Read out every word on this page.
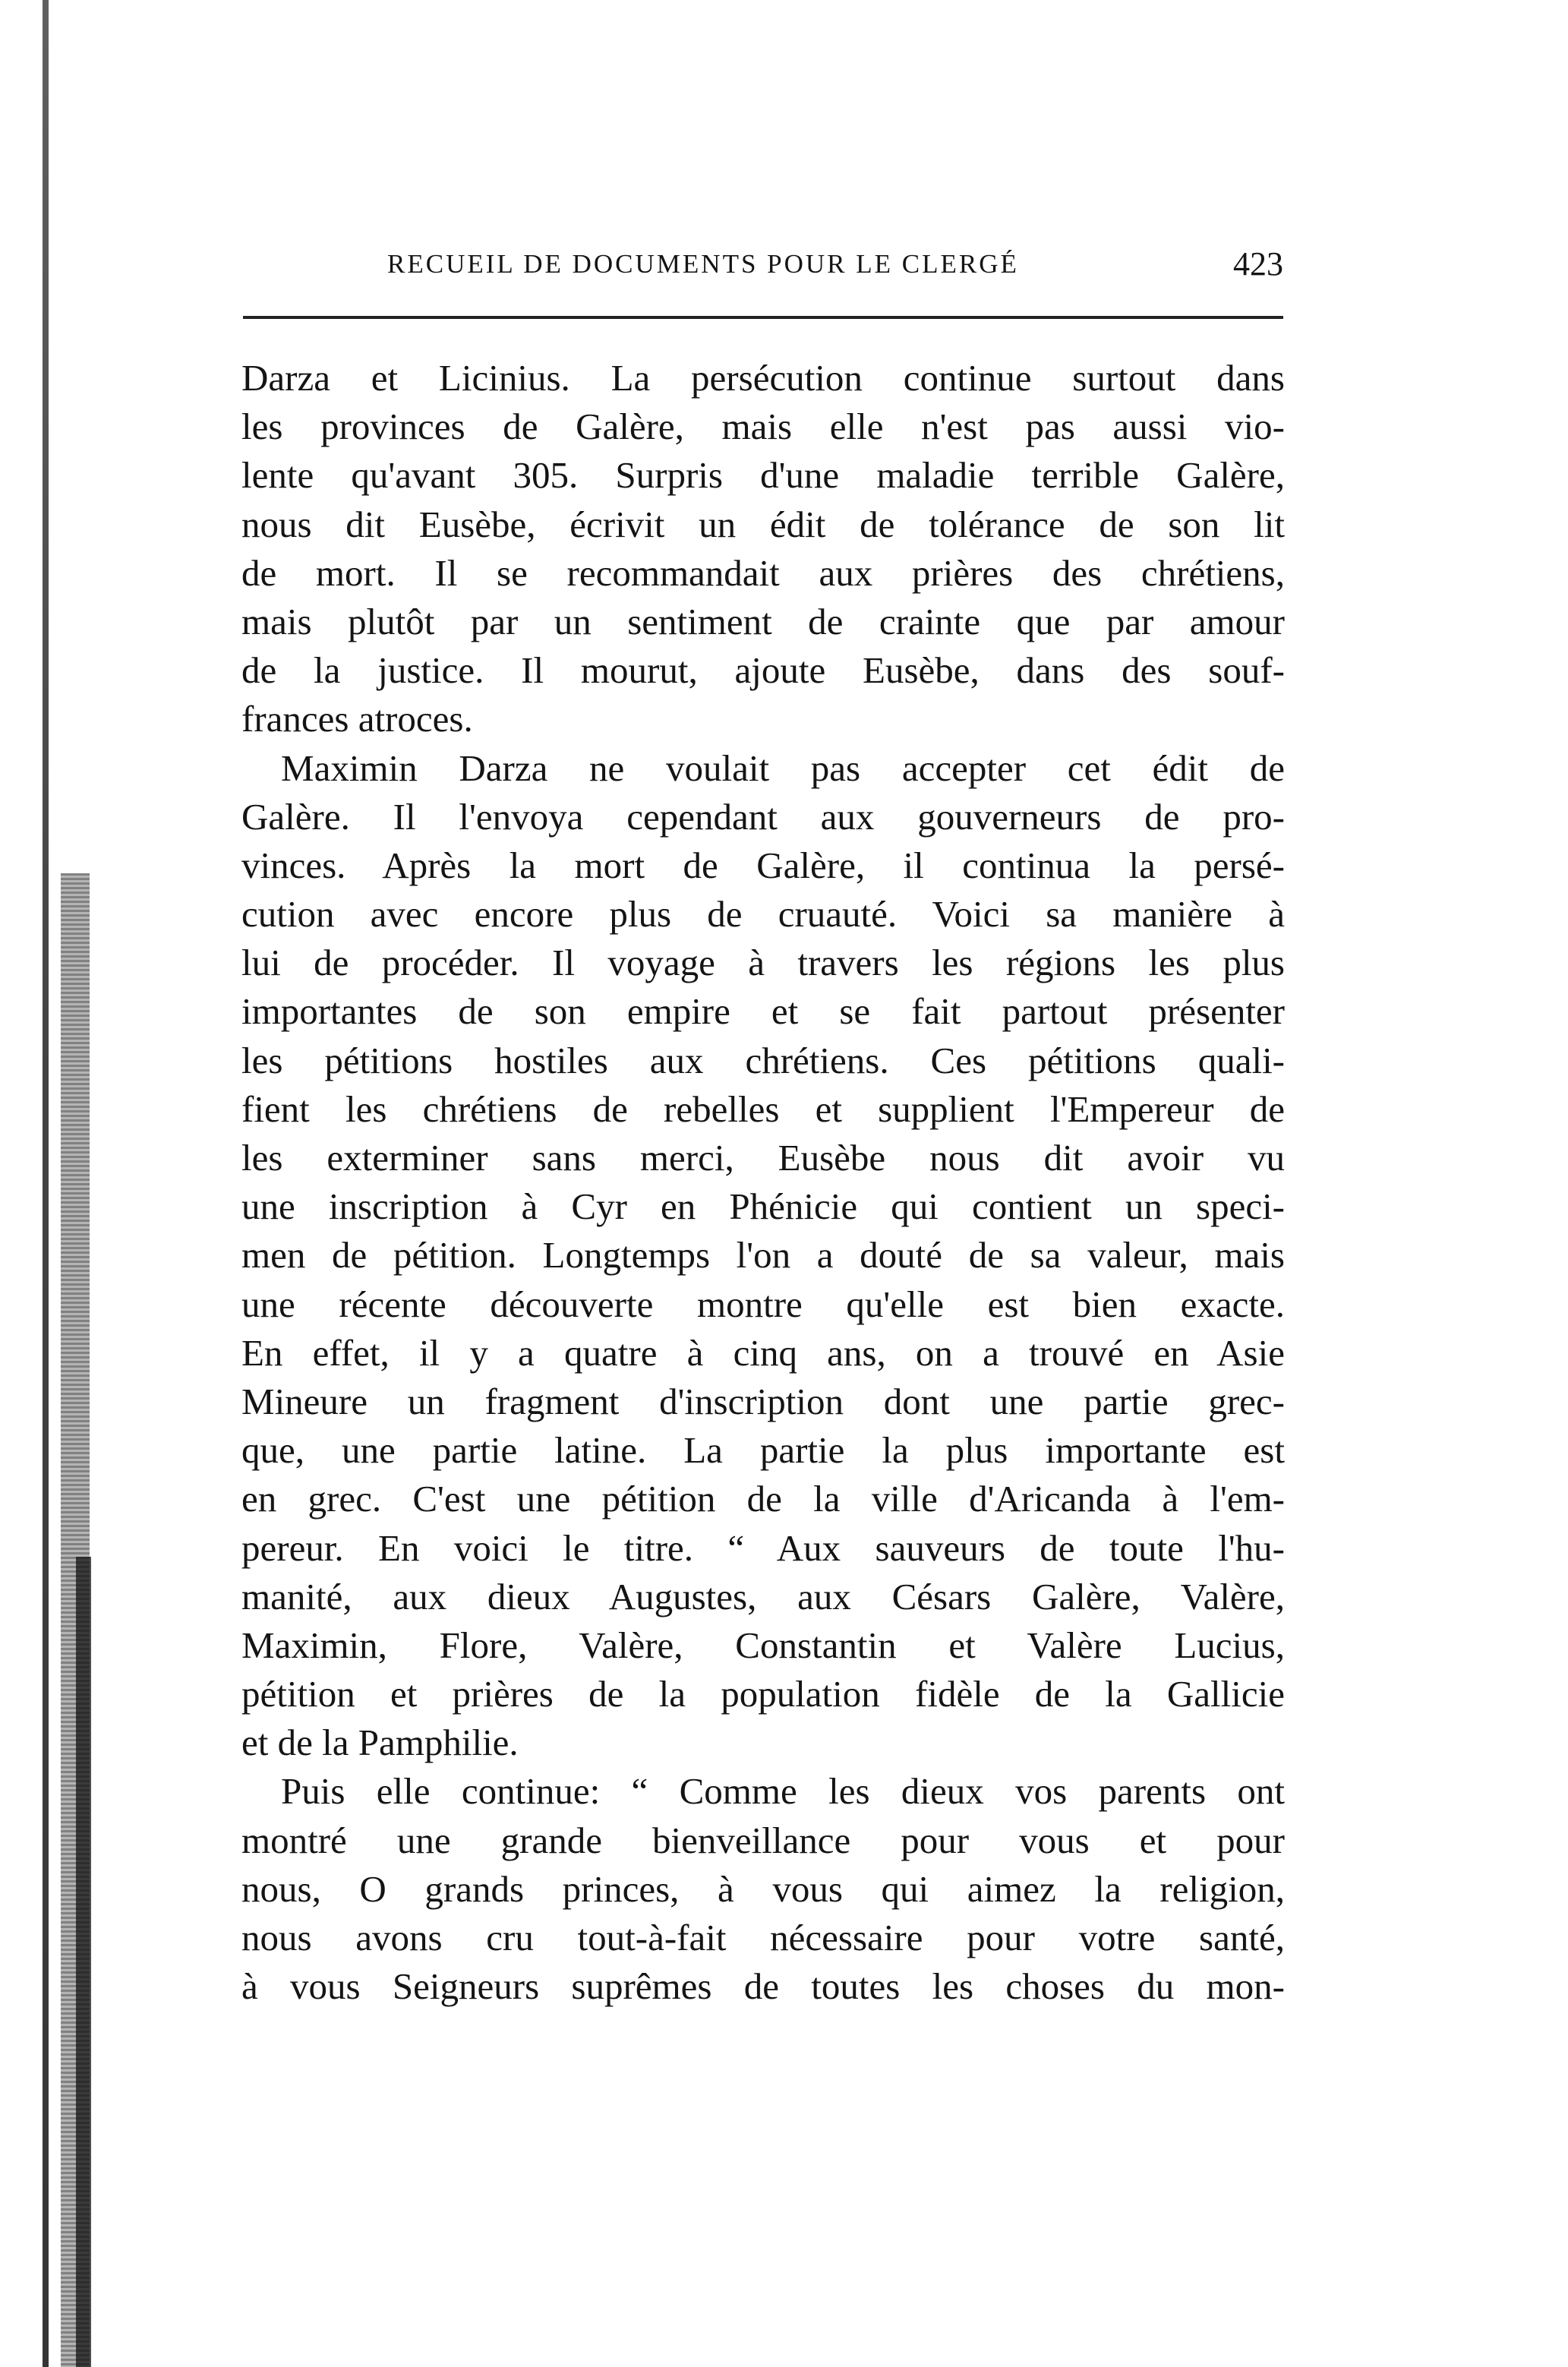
RECUEIL DE DOCUMENTS POUR LE CLERGÉ	423
Darza et Licinius. La persécution continue surtout dans
les provinces de Galère, mais elle n'est pas aussi vio-
lente qu'avant 305. Surpris d'une maladie terrible Galère,
nous dit Eusèbe, écrivit un édit de tolérance de son lit
de mort. Il se recommandait aux prières des chrétiens,
mais plutôt par un sentiment de crainte que par amour
de la justice. Il mourut, ajoute Eusèbe, dans des souf-
frances atroces.
Maximin Darza ne voulait pas accepter cet édit de
Galère. Il l'envoya cependant aux gouverneurs de pro-
vinces. Après la mort de Galère, il continua la persé-
cution avec encore plus de cruauté. Voici sa manière à
lui de procéder. Il voyage à travers les régions les plus
importantes de son empire et se fait partout présenter
les pétitions hostiles aux chrétiens. Ces pétitions quali-
fient les chrétiens de rebelles et supplient l'Empereur de
les exterminer sans merci, Eusèbe nous dit avoir vu
une inscription à Cyr en Phénicie qui contient un speci-
men de pétition. Longtemps l'on a douté de sa valeur, mais
une récente découverte montre qu'elle est bien exacte.
En effet, il y a quatre à cinq ans, on a trouvé en Asie
Mineure un fragment d'inscription dont une partie grec-
que, une partie latine. La partie la plus importante est
en grec. C'est une pétition de la ville d'Aricanda à l'em-
pereur. En voici le titre. “ Aux sauveurs de toute l'hu-
manité, aux dieux Augustes, aux Césars Galère, Valère,
Maximin, Flore, Valère, Constantin et Valère Lucius,
pétition et prières de la population fidèle de la Gallicie
et de la Pamphilie.
Puis elle continue: “ Comme les dieux vos parents ont
montré une grande bienveillance pour vous et pour
nous, O grands princes, à vous qui aimez la religion,
nous avons cru tout-à-fait nécessaire pour votre santé,
à vous Seigneurs suprêmes de toutes les choses du mon-
